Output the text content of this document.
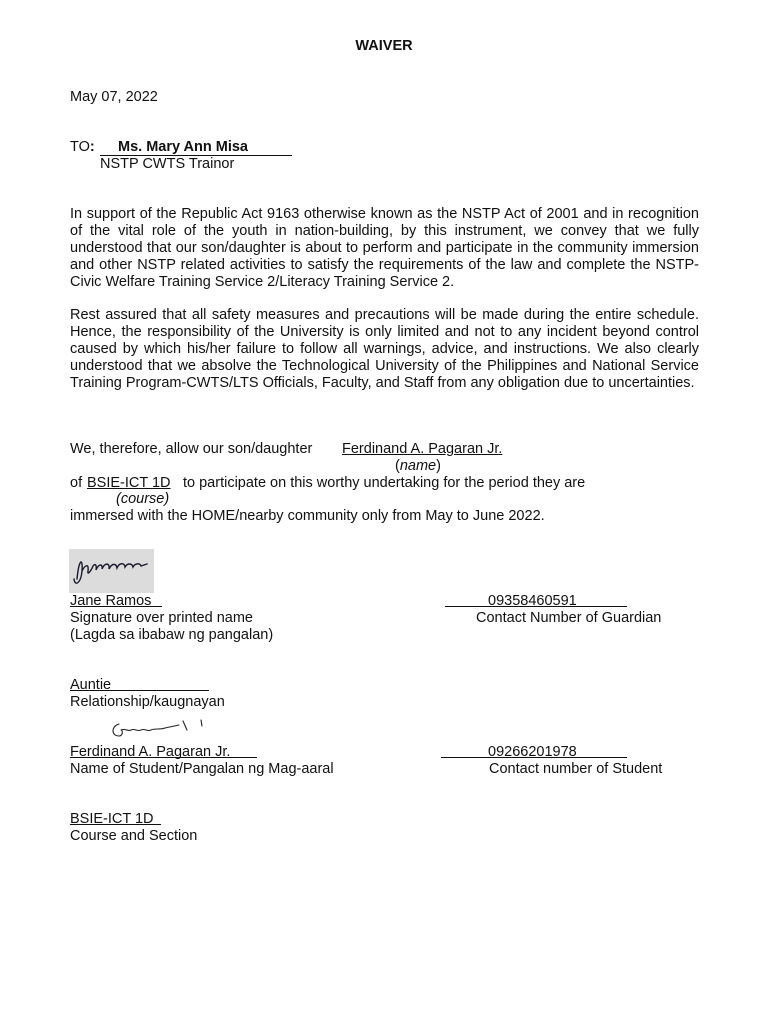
WAIVER
May 07, 2022
TO: Ms. Mary Ann Misa
NSTP CWTS Trainor

In support of the Republic Act 9163 otherwise known as the NSTP Act of 2001 and in recognition of the vital role of the youth in nation-building, by this instrument, we convey that we fully understood that our son/daughter is about to perform and participate in the community immersion and other NSTP related activities to satisfy the requirements of the law and complete the NSTP-Civic Welfare Training Service 2/Literacy Training Service 2.

Rest assured that all safety measures and precautions will be made during the entire schedule. Hence, the responsibility of the University is only limited and not to any incident beyond control caused by which his/her failure to follow all warnings, advice, and instructions. We also clearly understood that we absolve the Technological University of the Philippines and National Service Training Program-CWTS/LTS Officials, Faculty, and Staff from any obligation due to uncertainties.

We, therefore, allow our son/daughter Ferdinand A. Pagaran Jr.
(name)
of BSIE-ICT 1D to participate on this worthy undertaking for the period they are
(course)
immersed with the HOME/nearby community only from May to June 2022.
Jane Ramos	09358460591
Signature over printed name	Contact Number of Guardian
(Lagda sa ibabaw ng pangalan)
Auntie
Relationship/kaugnayan
Ferdinand A. Pagaran Jr.	09266201978
Name of Student/Pangalan ng Mag-aaral	Contact number of Student
BSIE-ICT 1D
Course and Section
